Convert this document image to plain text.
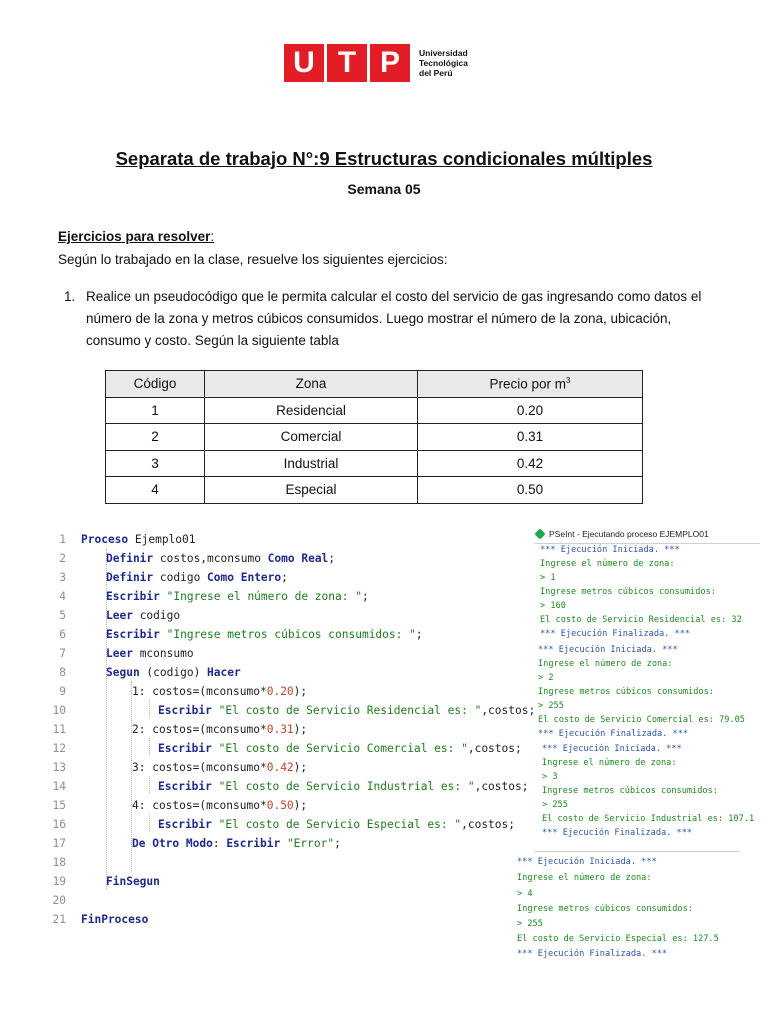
U T P	Universidad
Tecnológica
del Perú
Separata de trabajo N°:9 Estructuras condicionales múltiples
Semana 05
Ejercicios para resolver:
Según lo trabajado en la clase, resuelve los siguientes ejercicios:
1. Realice un pseudocódigo que le permita calcular el costo del servicio de gas ingresando como datos el número de la zona y metros cúbicos consumidos. Luego mostrar el número de la zona, ubicación, consumo y costo. Según la siguiente tabla
Código	Zona	Precio por $m^3$
1	Residencial	0.20
2	Comercial	0.31
3	Industrial	0.42
4	Especial	0.50
1 Proceso Ejemplo01
2	Definir costos,mconsumo Como Real;
3	Definir codigo Como Entero;
4	Escribir "Ingrese el número de zona: ";
5	Leer codigo
6	Escribir "Ingrese metros cúbicos consumidos: ";
7	Leer mconsumo
8	Segun (codigo) Hacer
9	1: costos=(mconsumo*0.20);
10	Escribir "El costo de Servicio Residencial es: ",costos;
11	2: costos=(mconsumo*0.31);
12	Escribir "El costo de Servicio Comercial es: ",costos;
13	3: costos=(mconsumo*0.42);
14	Escribir "El costo de Servicio Industrial es: ",costos;
15	4: costos=(mconsumo*0.50);
16	Escribir "El costo de Servicio Especial es: ",costos;
17	De Otro Modo: Escribir "Error";
18
19	FinSegun
20
21 FinProceso
PSeInt - Ejecutando proceso EJEMPLO01
*** Ejecución Iniciada. ***
Ingrese el número de zona:
> 1
Ingrese metros cúbicos consumidos:
> 160
El costo de Servicio Residencial es: 32
*** Ejecución Finalizada. ***
*** Ejecución Iniciada. ***
Ingrese el número de zona:
> 2
Ingrese metros cúbicos consumidos:
> 255
El costo de Servicio Comercial es: 79.05
*** Ejecución Finalizada. ***
*** Ejecución Iniciada. ***
Ingrese el número de zona:
> 3
Ingrese metros cúbicos consumidos:
> 255
El costo de Servicio Industrial es: 107.1
*** Ejecución Finalizada. ***
*** Ejecución Iniciada. ***
Ingrese el número de zona:
> 4
Ingrese metros cúbicos consumidos:
> 255
El costo de Servicio Especial es: 127.5
*** Ejecución Finalizada. ***
